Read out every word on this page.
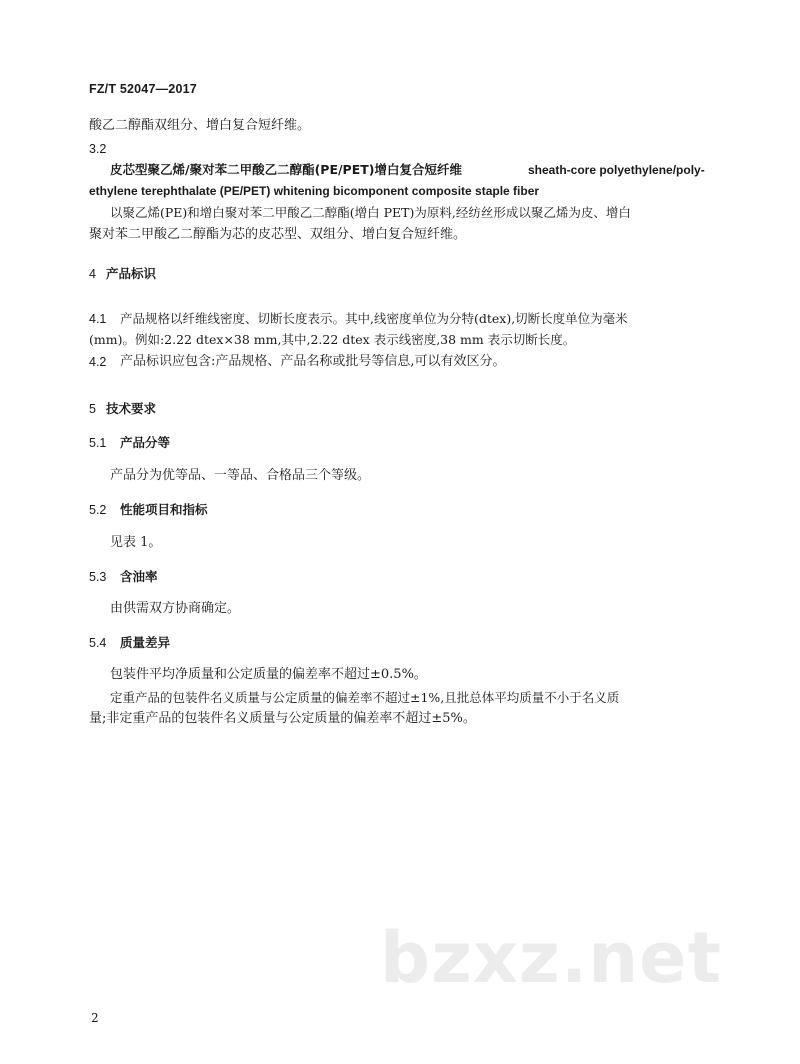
FZ/T 52047—2017
酸乙二醇酯双组分、增白复合短纤维。
3.2
皮芯型聚乙烯/聚对苯二甲酸乙二醇酯(PE/PET)增白复合短纤维	sheath-core polyethylene/poly-
ethylene terephthalate (PE/PET) whitening bicomponent composite staple fiber
以聚乙烯(PE)和增白聚对苯二甲酸乙二醇酯(增白 PET)为原料,经纺丝形成以聚乙烯为皮、增白
聚对苯二甲酸乙二醇酯为芯的皮芯型、双组分、增白复合短纤维。
4 产品标识
4.1 产品规格以纤维线密度、切断长度表示。其中,线密度单位为分特(dtex),切断长度单位为毫米
(mm)。例如:2.22 dtex×38 mm,其中,2.22 dtex 表示线密度,38 mm 表示切断长度。
4.2 产品标识应包含:产品规格、产品名称或批号等信息,可以有效区分。
5 技术要求
5.1 产品分等
产品分为优等品、一等品、合格品三个等级。
5.2 性能项目和指标
见表 1。
5.3 含油率
由供需双方协商确定。
5.4 质量差异
包装件平均净质量和公定质量的偏差率不超过±0.5%。
定重产品的包装件名义质量与公定质量的偏差率不超过±1%,且批总体平均质量不小于名义质
量;非定重产品的包装件名义质量与公定质量的偏差率不超过±5%。
bzxz.net
2
